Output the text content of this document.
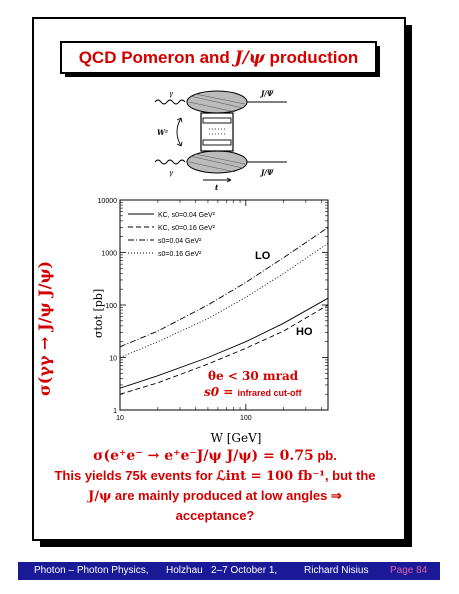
QCD Pomeron and J/ψ production
γ
γ
J/Ψ
J/Ψ
W²
t
σ(γγ → J/ψ J/ψ)
1
10
100
1000
10000
10	100
KC, s0=0.04 GeV²
KC, s0=0.16 GeV²
s0=0.04 GeV²
s0=0.16 GeV²
σtot [pb]
W [GeV]
LO
HO
θe < 30 mrad
s0 = infrared cut-off
σ(e⁺e⁻ → e⁺e⁻J/ψ J/ψ) = 0.75 pb.
This yields 75k events for ℒint = 100 fb⁻¹, but the
J/ψ are mainly produced at low angles ⇒
acceptance?
Photon – Photon Physics, Holzhau   2–7 October 1,	Richard Nisius Page 84
